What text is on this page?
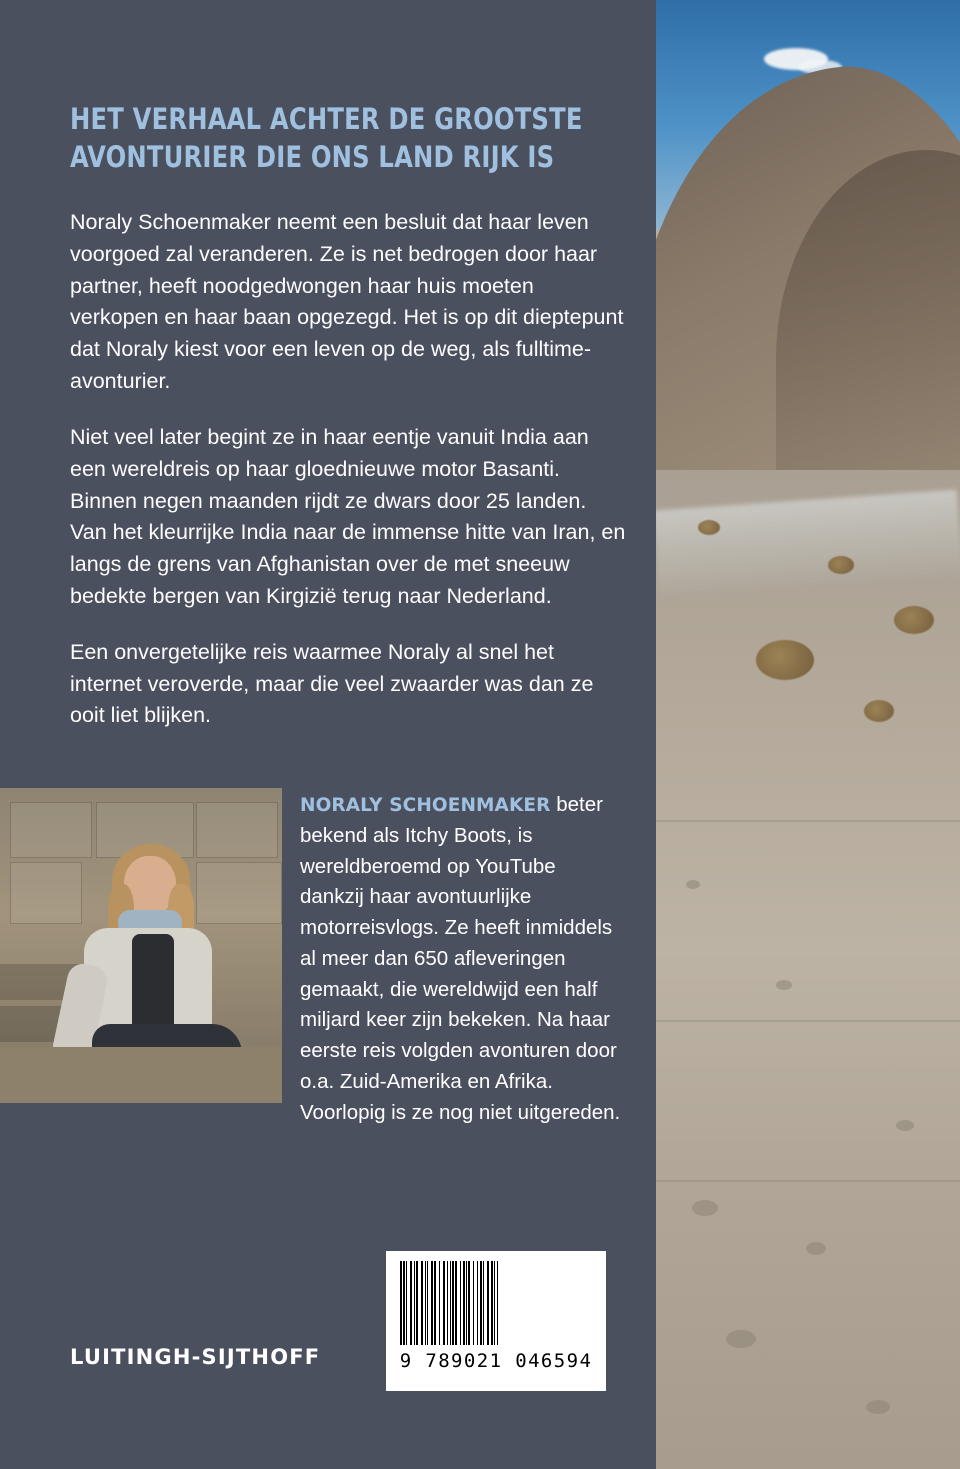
HET VERHAAL ACHTER DE GROOTSTE AVONTURIER DIE ONS LAND RIJK IS

Noraly Schoenmaker neemt een besluit dat haar leven voorgoed zal veranderen. Ze is net bedrogen door haar partner, heeft noodgedwongen haar huis moeten verkopen en haar baan opgezegd. Het is op dit dieptepunt dat Noraly kiest voor een leven op de weg, als fulltime-avonturier.

Niet veel later begint ze in haar eentje vanuit India aan een wereldreis op haar gloednieuwe motor Basanti. Binnen negen maanden rijdt ze dwars door 25 landen. Van het kleurrijke India naar de immense hitte van Iran, en langs de grens van Afghanistan over de met sneeuw bedekte bergen van Kirgizië terug naar Nederland.

Een onvergetelijke reis waarmee Noraly al snel het internet veroverde, maar die veel zwaarder was dan ze ooit liet blijken.

NORALY SCHOENMAKER beter bekend als Itchy Boots, is wereldberoemd op YouTube dankzij haar avontuurlijke motorreisvlogs. Ze heeft inmiddels al meer dan 650 afleveringen gemaakt, die wereldwijd een half miljard keer zijn bekeken. Na haar eerste reis volgden avonturen door o.a. Zuid-Amerika en Afrika. Voorlopig is ze nog niet uitgereden.
9 789021 046594
LUITINGH-SIJTHOFF
